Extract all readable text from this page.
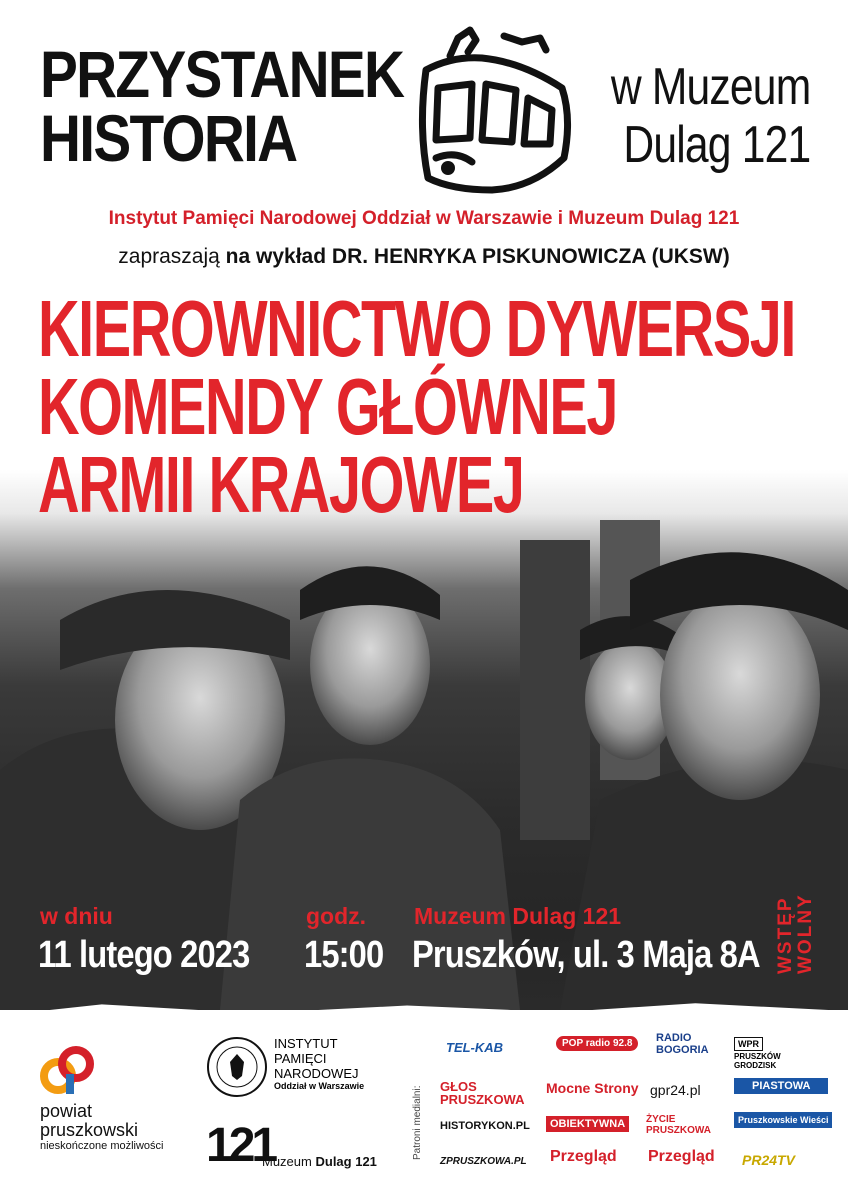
PRZYSTANEK
HISTORIA
w Muzeum
Dulag 121
Instytut Pamięci Narodowej Oddział w Warszawie i Muzeum Dulag 121
zapraszają na wykład DR. HENRYKA PISKUNOWICZA (UKSW)
KIEROWNICTWO DYWERSJI
KOMENDY GŁÓWNEJ
ARMII KRAJOWEJ
w dniu
11 lutego 2023
godz.
15:00
Muzeum Dulag 121
Pruszków, ul. 3 Maja 8A WSTĘP WOLNY
powiat
pruszkowski
nieskończone możliwości
INSTYTUT
PAMIĘCI
NARODOWEJ
Oddział w Warszawie
121
Muzeum Dulag 121
Patroni medialni:
TEL-KAB
GŁOS PRUSZKOWA
HISTORYKON.PL
ZPRUSZKOWA.PL
POP radio 92.8
Mocne Strony
OBIEKTYWNA
Przegląd
RADIO BOGORIA
gpr24.pl
ŻYCIE PRUSZKOWA
Przegląd
WPR PRUSZKÓW GRODZISK
PIASTOWA
Pruszkowskie Wieści
PR24TV
